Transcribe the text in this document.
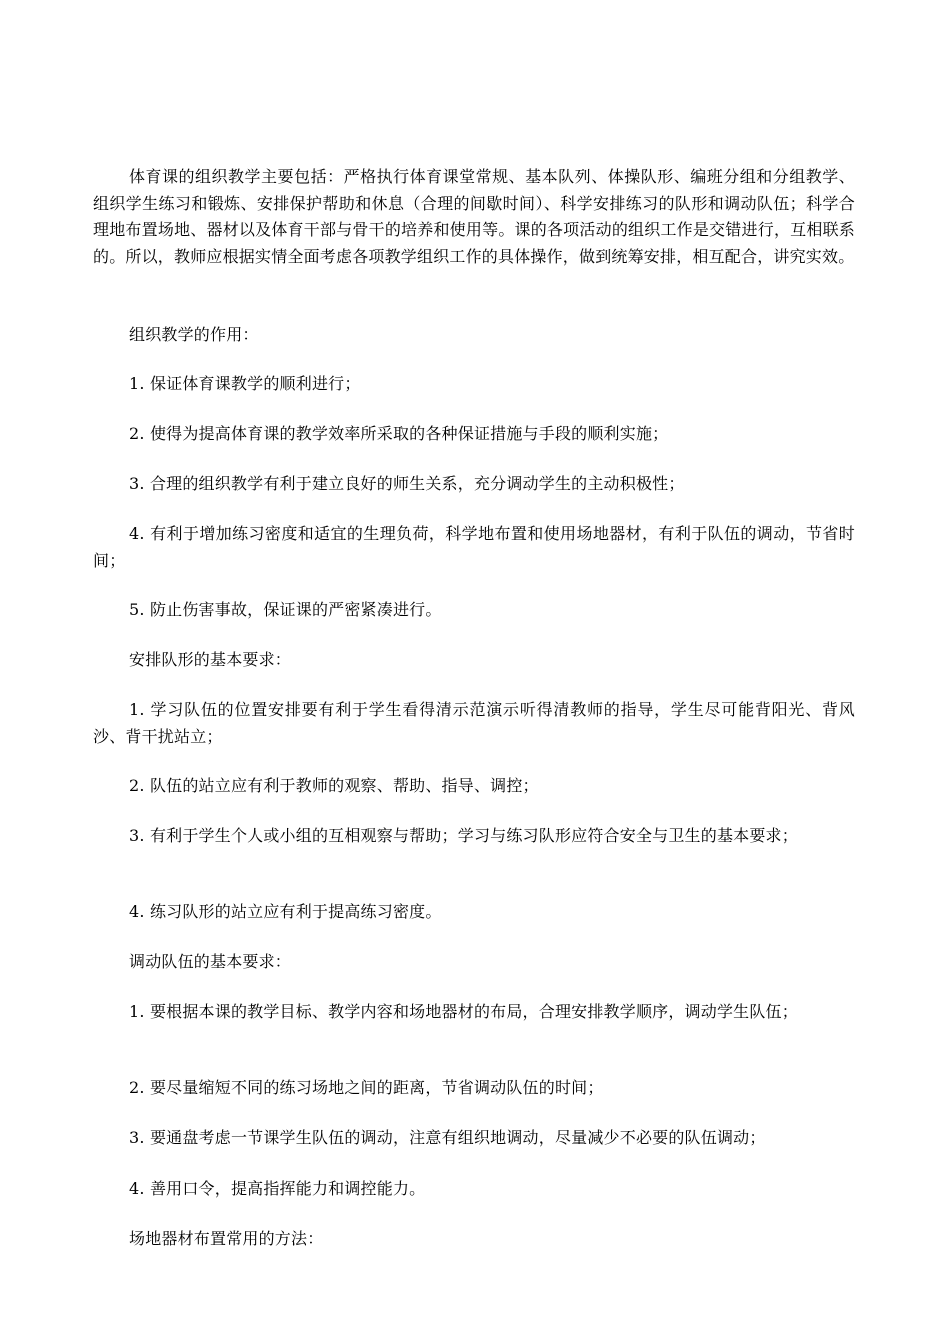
体育课的组织教学主要包括：严格执行体育课堂常规、基本队列、体操队形、编班分组和分组教学、组织学生练习和锻炼、安排保护帮助和休息（合理的间歇时间）、科学安排练习的队形和调动队伍；科学合理地布置场地、器材以及体育干部与骨干的培养和使用等。课的各项活动的组织工作是交错进行，互相联系的。所以，教师应根据实情全面考虑各项教学组织工作的具体操作，做到统筹安排，相互配合，讲究实效。

组织教学的作用：

1. 保证体育课教学的顺利进行；

2. 使得为提高体育课的教学效率所采取的各种保证措施与手段的顺利实施；

3. 合理的组织教学有利于建立良好的师生关系，充分调动学生的主动积极性；

4. 有利于增加练习密度和适宜的生理负荷，科学地布置和使用场地器材，有利于队伍的调动，节省时间；

5. 防止伤害事故，保证课的严密紧凑进行。

安排队形的基本要求：

1. 学习队伍的位置安排要有利于学生看得清示范演示听得清教师的指导，学生尽可能背阳光、背风沙、背干扰站立；

2. 队伍的站立应有利于教师的观察、帮助、指导、调控；

3. 有利于学生个人或小组的互相观察与帮助；学习与练习队形应符合安全与卫生的基本要求；

4. 练习队形的站立应有利于提高练习密度。

调动队伍的基本要求：

1. 要根据本课的教学目标、教学内容和场地器材的布局，合理安排教学顺序，调动学生队伍；

2. 要尽量缩短不同的练习场地之间的距离，节省调动队伍的时间；

3. 要通盘考虑一节课学生队伍的调动，注意有组织地调动，尽量减少不必要的队伍调动；

4. 善用口令，提高指挥能力和调控能力。

场地器材布置常用的方法：
